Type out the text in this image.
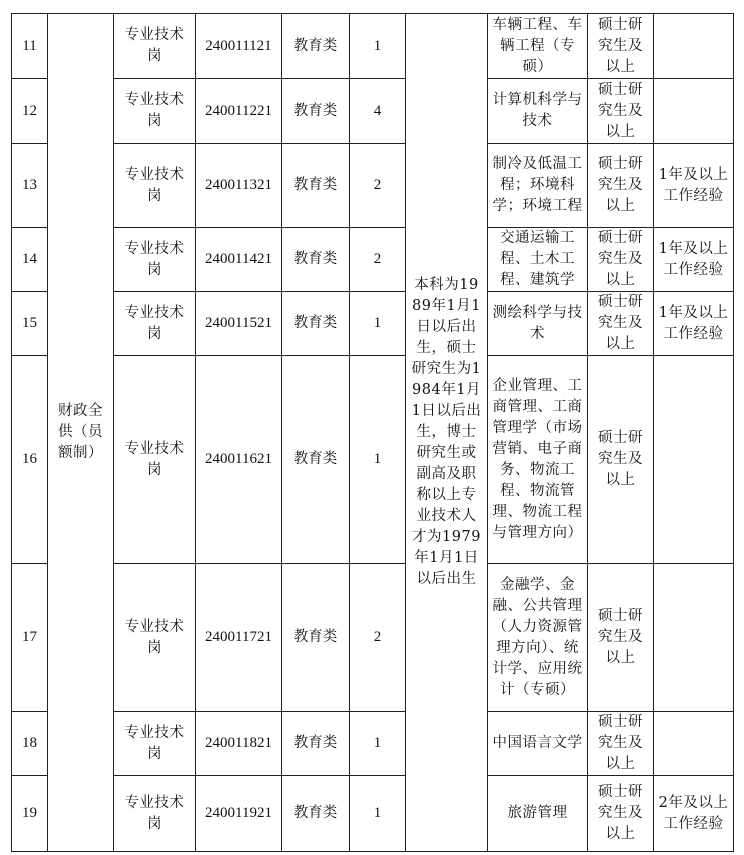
11	财政全供（员额制）	专业技术岗	240011121	教育类	1	本科为1989年1月1日以后出生，硕士研究生为1984年1月1日以后出生，博士研究生或副高及职称以上专业技术人才为1979年1月1日以后出生	车辆工程、车辆工程（专硕）	硕士研究生及以上	
12		专业技术岗	240011221	教育类	4		计算机科学与技术	硕士研究生及以上	
13		专业技术岗	240011321	教育类	2		制冷及低温工程；环境科学；环境工程	硕士研究生及以上	1年及以上工作经验
14		专业技术岗	240011421	教育类	2		交通运输工程、土木工程、建筑学	硕士研究生及以上	1年及以上工作经验
15		专业技术岗	240011521	教育类	1		测绘科学与技术	硕士研究生及以上	1年及以上工作经验
16		专业技术岗	240011621	教育类	1		企业管理、工商管理、工商管理学（市场营销、电子商务、物流工程、物流管理、物流工程与管理方向）	硕士研究生及以上	
17		专业技术岗	240011721	教育类	2		金融学、金融、公共管理（人力资源管理方向）、统计学、应用统计（专硕）	硕士研究生及以上	
18		专业技术岗	240011821	教育类	1		中国语言文学	硕士研究生及以上	
19		专业技术岗	240011921	教育类	1		旅游管理	硕士研究生及以上	2年及以上工作经验
